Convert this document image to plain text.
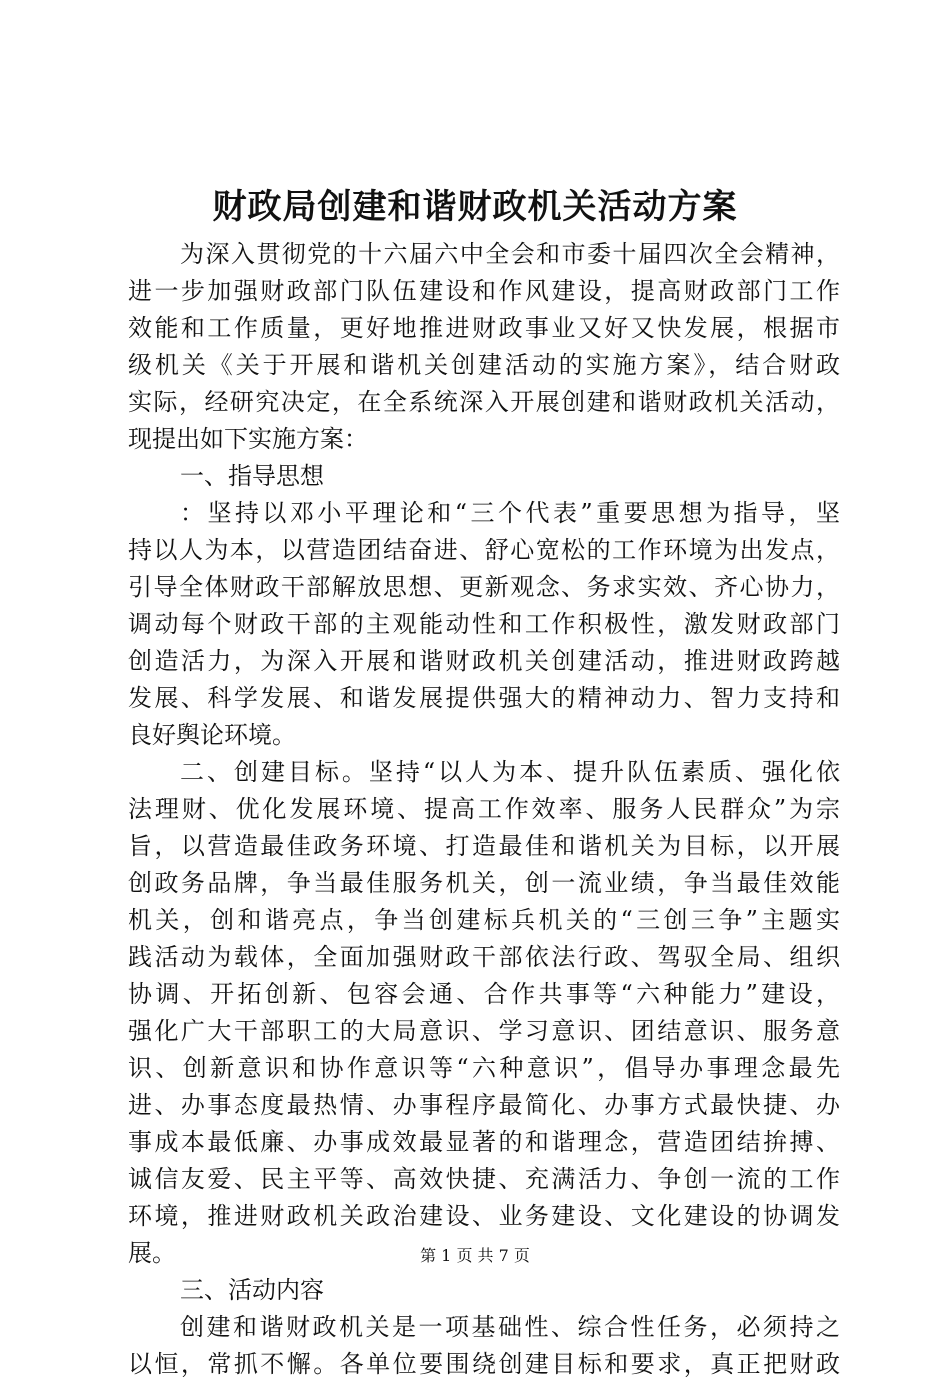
财政局创建和谐财政机关活动方案
为深入贯彻党的十六届六中全会和市委十届四次全会精神，
进一步加强财政部门队伍建设和作风建设，提高财政部门工作
效能和工作质量，更好地推进财政事业又好又快发展，根据市
级机关《关于开展和谐机关创建活动的实施方案》，结合财政
实际，经研究决定，在全系统深入开展创建和谐财政机关活动，
现提出如下实施方案：
一、指导思想
：坚持以邓小平理论和“三个代表”重要思想为指导，坚
持以人为本，以营造团结奋进、舒心宽松的工作环境为出发点，
引导全体财政干部解放思想、更新观念、务求实效、齐心协力，
调动每个财政干部的主观能动性和工作积极性，激发财政部门
创造活力，为深入开展和谐财政机关创建活动，推进财政跨越
发展、科学发展、和谐发展提供强大的精神动力、智力支持和
良好舆论环境。
二、创建目标。坚持“以人为本、提升队伍素质、强化依
法理财、优化发展环境、提高工作效率、服务人民群众”为宗
旨，以营造最佳政务环境、打造最佳和谐机关为目标，以开展
创政务品牌，争当最佳服务机关，创一流业绩，争当最佳效能
机关，创和谐亮点，争当创建标兵机关的“三创三争”主题实
践活动为载体，全面加强财政干部依法行政、驾驭全局、组织
协调、开拓创新、包容会通、合作共事等“六种能力”建设，
强化广大干部职工的大局意识、学习意识、团结意识、服务意
识、创新意识和协作意识等“六种意识”，倡导办事理念最先
进、办事态度最热情、办事程序最简化、办事方式最快捷、办
事成本最低廉、办事成效最显著的和谐理念，营造团结拚搏、
诚信友爱、民主平等、高效快捷、充满活力、争创一流的工作
环境，推进财政机关政治建设、业务建设、文化建设的协调发
展。
三、活动内容
创建和谐财政机关是一项基础性、综合性任务，必须持之
以恒，常抓不懈。各单位要围绕创建目标和要求，真正把财政
第 1 页 共 7 页
